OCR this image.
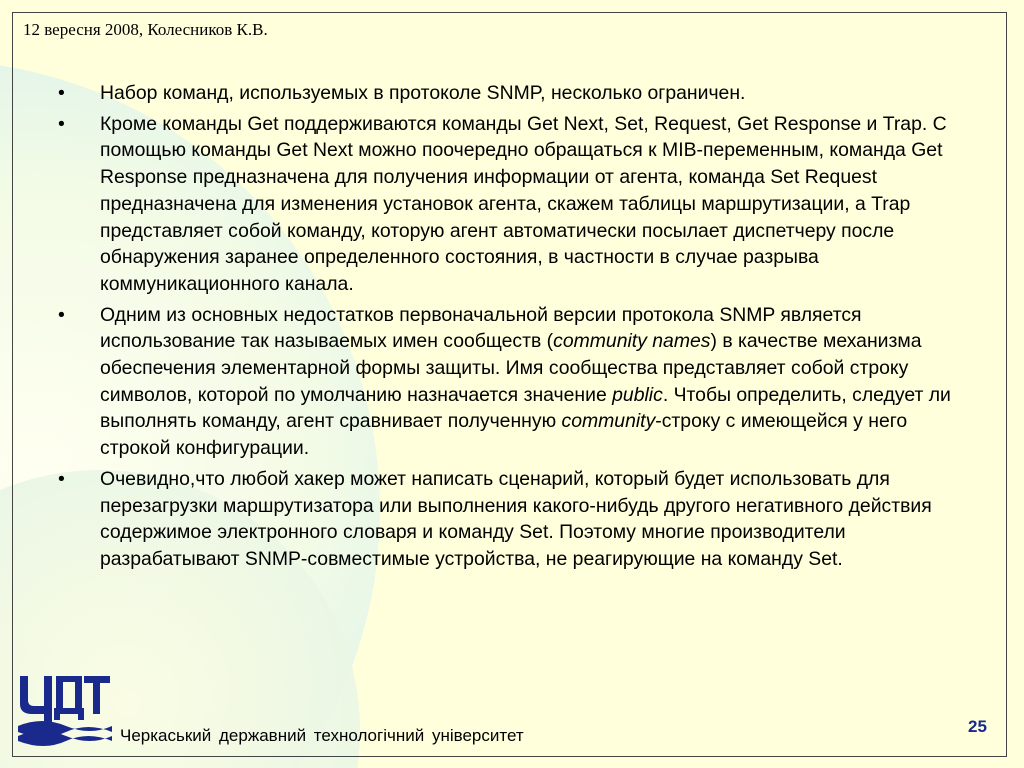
12 вересня 2008, Колесников К.В.
• Набор команд, используемых в протоколе SNMP, несколько ограничен.
• Кроме команды Get поддерживаются команды Get Next, Set, Request, Get Response и Trap. С помощью команды Get Next можно поочередно обращаться к MIB-переменным, команда Get Response предназначена для получения информации от агента, команда Set Request предназначена для изменения установок агента, скажем таблицы маршрутизации, а Trap представляет собой команду, которую агент автоматически посылает диспетчеру после обнаружения заранее определенного состояния, в частности в случае разрыва коммуникационного канала.
• Одним из основных недостатков первоначальной версии протокола SNMP является использование так называемых имен сообществ (community names) в качестве механизма обеспечения элементарной формы защиты. Имя сообщества представляет собой строку символов, которой по умолчанию назначается значение public. Чтобы определить, следует ли выполнять команду, агент сравнивает полученную community-строку с имеющейся у него строкой конфигурации.
• Очевидно,что любой хакер может написать сценарий, который будет использовать для перезагрузки маршрутизатора или выполнения какого-нибудь другого негативного действия содержимое электронного словаря и команду Set. Поэтому многие производители разрабатывают SNMP-совместимые устройства, не реагирующие на команду Set.
Черкаський державний технологічний університет	25
